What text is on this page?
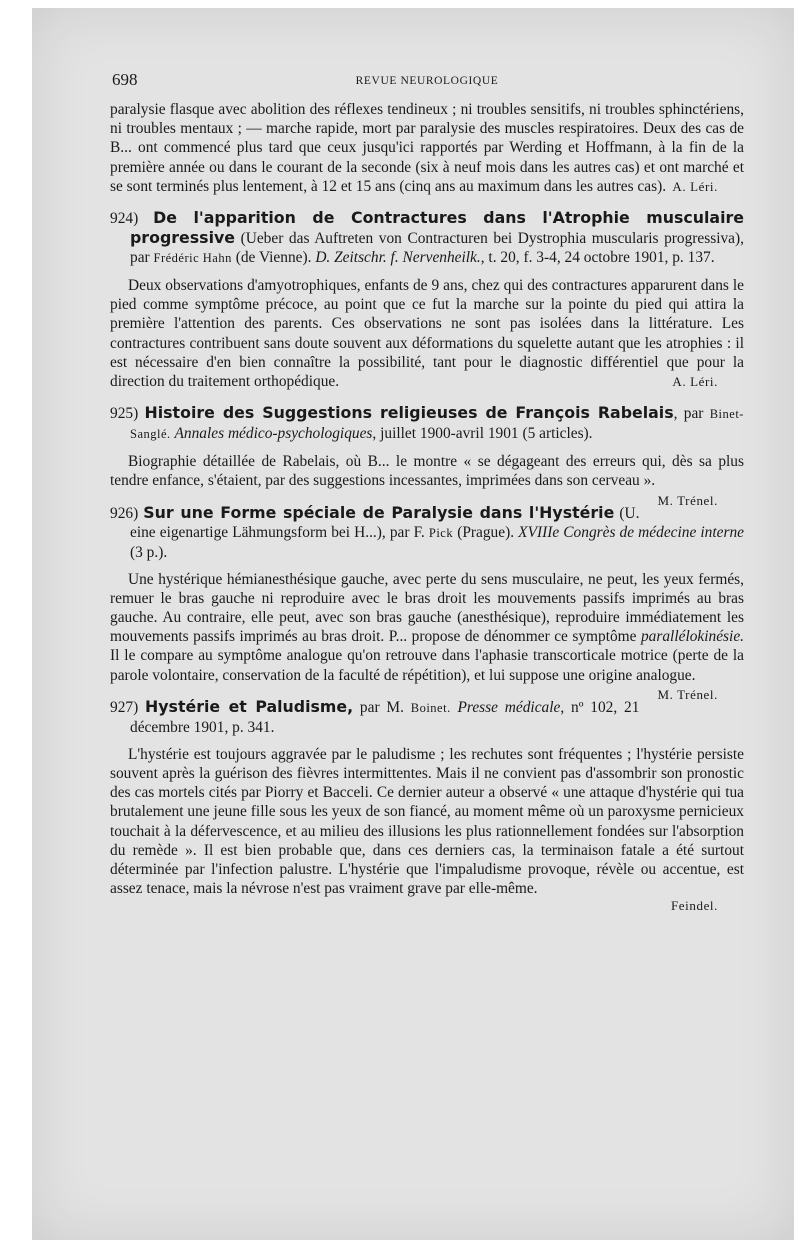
698	REVUE NEUROLOGIQUE

paralysie flasque avec abolition des réflexes tendineux ; ni troubles sensitifs, ni troubles sphinctériens, ni troubles mentaux ; — marche rapide, mort par paralysie des muscles respiratoires. Deux des cas de B... ont commencé plus tard que ceux jusqu'ici rapportés par Werding et Hoffmann, à la fin de la première année ou dans le courant de la seconde (six à neuf mois dans les autres cas) et ont marché et se sont terminés plus lentement, à 12 et 15 ans (cinq ans au maximum dans les autres cas). A. Léri.

924) De l'apparition de Contractures dans l'Atrophie musculaire progressive (Ueber das Auftreten von Contracturen bei Dystrophia muscularis progressiva), par Frédéric Hahn (de Vienne). D. Zeitschr. f. Nervenheilk., t. 20, f. 3-4, 24 octobre 1901, p. 137.

Deux observations d'amyotrophiques, enfants de 9 ans, chez qui des contractures apparurent dans le pied comme symptôme précoce, au point que ce fut la marche sur la pointe du pied qui attira la première l'attention des parents. Ces observations ne sont pas isolées dans la littérature. Les contractures contribuent sans doute souvent aux déformations du squelette autant que les atrophies : il est nécessaire d'en bien connaître la possibilité, tant pour le diagnostic différentiel que pour la direction du traitement orthopédique.	A. Léri.

925) Histoire des Suggestions religieuses de François Rabelais, par Binet-Sanglé. Annales médico-psychologiques, juillet 1900-avril 1901 (5 articles).

Biographie détaillée de Rabelais, où B... le montre « se dégageant des erreurs qui, dès sa plus tendre enfance, s'étaient, par des suggestions incessantes, imprimées dans son cerveau ».
M. Trénel.

926) Sur une Forme spéciale de Paralysie dans l'Hystérie (U. eine eigenartige Lähmungsform bei H...), par F. Pick (Prague). XVIIIe Congrès de médecine interne (3 p.).

Une hystérique hémianesthésique gauche, avec perte du sens musculaire, ne peut, les yeux fermés, remuer le bras gauche ni reproduire avec le bras droit les mouvements passifs imprimés au bras gauche. Au contraire, elle peut, avec son bras gauche (anesthésique), reproduire immédiatement les mouvements passifs imprimés au bras droit. P... propose de dénommer ce symptôme parallélokinésie. Il le compare au symptôme analogue qu'on retrouve dans l'aphasie transcorticale motrice (perte de la parole volontaire, conservation de la faculté de répétition), et lui suppose une origine analogue.
M. Trénel.

927) Hystérie et Paludisme, par M. Boinet. Presse médicale, nº 102, 21 décembre 1901, p. 341.

L'hystérie est toujours aggravée par le paludisme ; les rechutes sont fréquentes ; l'hystérie persiste souvent après la guérison des fièvres intermittentes. Mais il ne convient pas d'assombrir son pronostic des cas mortels cités par Piorry et Bacceli. Ce dernier auteur a observé « une attaque d'hystérie qui tua brutalement une jeune fille sous les yeux de son fiancé, au moment même où un paroxysme pernicieux touchait à la défervescence, et au milieu des illusions les plus rationnellement fondées sur l'absorption du remède ». Il est bien probable que, dans ces derniers cas, la terminaison fatale a été surtout déterminée par l'infection palustre. L'hystérie que l'impaludisme provoque, révèle ou accentue, est assez tenace, mais la névrose n'est pas vraiment grave par elle-même.

Feindel.
